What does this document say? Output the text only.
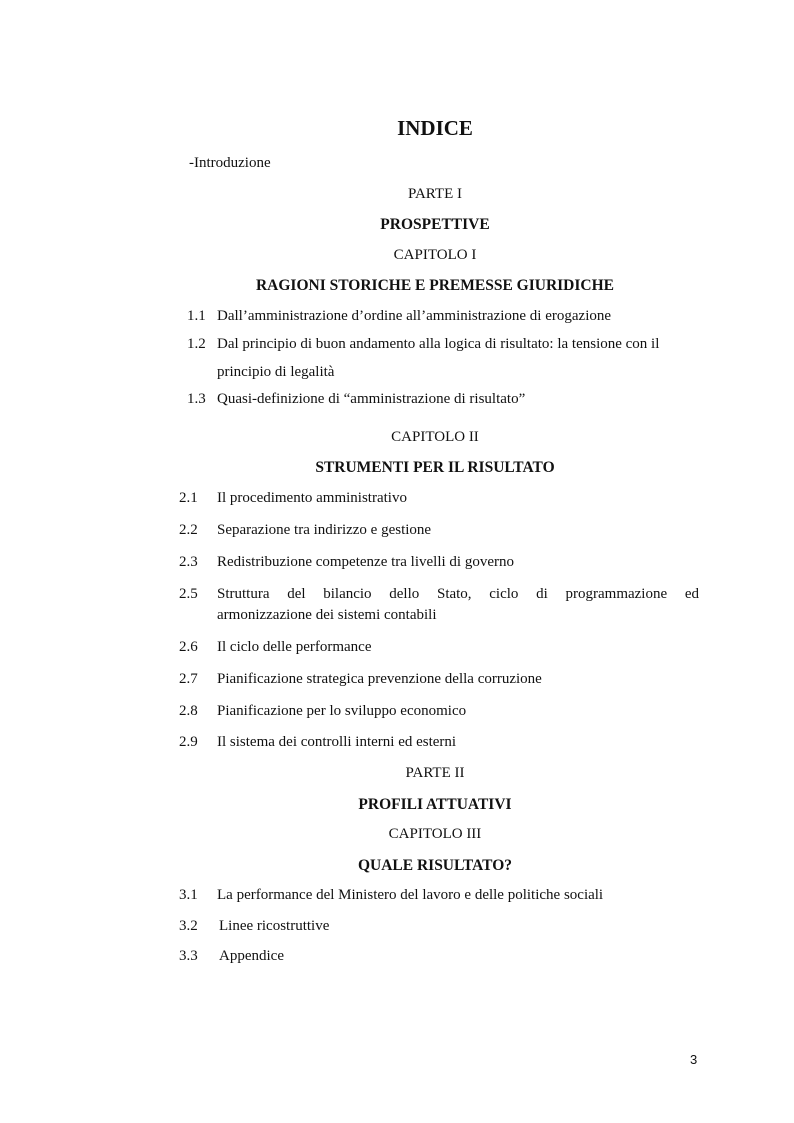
INDICE
-Introduzione
PARTE I
PROSPETTIVE
CAPITOLO I
RAGIONI STORICHE E PREMESSE GIURIDICHE
1.1 Dall’amministrazione d’ordine all’amministrazione di erogazione
1.2 Dal principio di buon andamento alla logica di risultato: la tensione con il
principio di legalità
1.3 Quasi-definizione di “amministrazione di risultato”
CAPITOLO II
STRUMENTI PER IL RISULTATO
2.1 Il procedimento amministrativo
2.2 Separazione tra indirizzo e gestione
2.3 Redistribuzione competenze tra livelli di governo
2.5 Struttura del bilancio dello Stato, ciclo di programmazione ed
armonizzazione dei sistemi contabili
2.6 Il ciclo delle performance
2.7 Pianificazione strategica prevenzione della corruzione
2.8 Pianificazione per lo sviluppo economico
2.9 Il sistema dei controlli interni ed esterni
PARTE II
PROFILI ATTUATIVI
CAPITOLO III
QUALE RISULTATO?
3.1 La performance del Ministero del lavoro e delle politiche sociali
3.2 Linee ricostruttive
3.3 Appendice
3
